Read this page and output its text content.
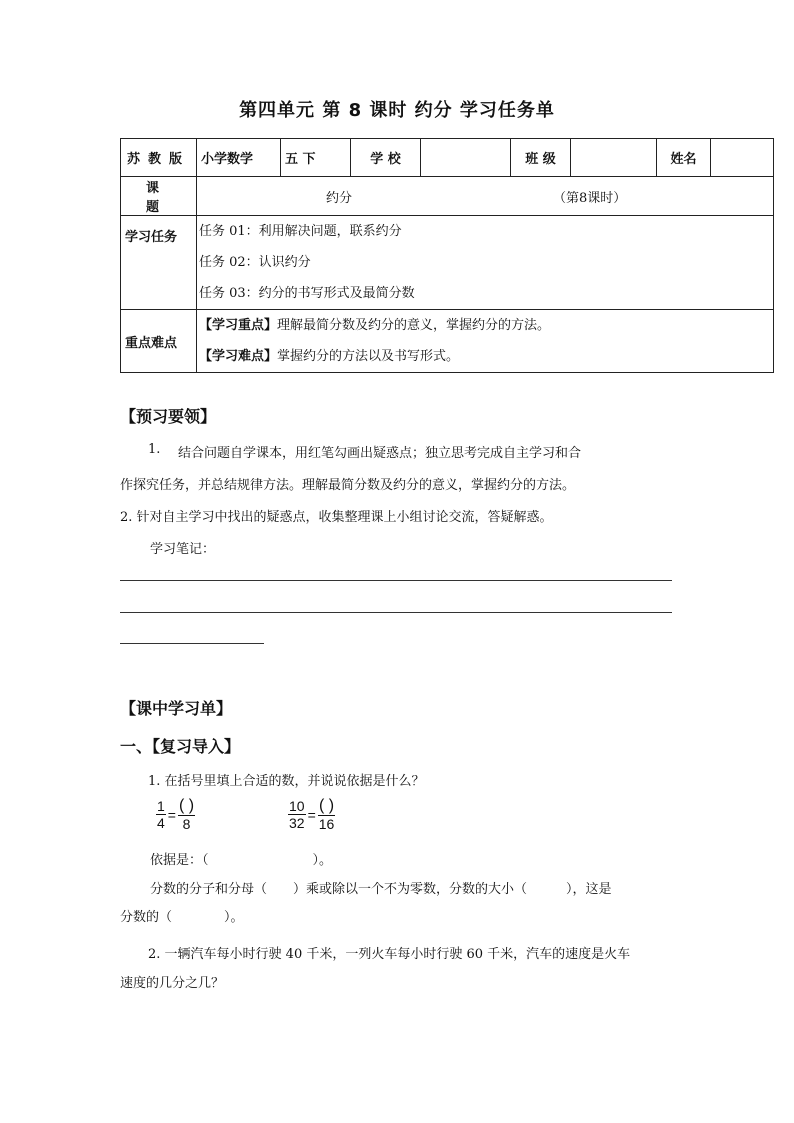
第四单元 第 8 课时 约分 学习任务单
苏教版	小学数学	五 下	学 校		班 级		姓名	
课 题	约分 （第8课时）							
学习任务	任务 01：利用解决问题，联系约分
任务 02：认识约分
任务 03：约分的书写形式及最简分数							

重点难点	【学习重点】理解最简分数及约分的意义，掌握约分的方法。
【学习难点】掌握约分的方法以及书写形式。							
【预习要领】
1. 结合问题自学课本，用红笔勾画出疑惑点；独立思考完成自主学习和合
作探究任务，并总结规律方法。理解最简分数及约分的意义，掌握约分的方法。
2. 针对自主学习中找出的疑惑点，收集整理课上小组讨论交流，答疑解惑。
学习笔记：
【课中学习单】
一、【复习导入】
1. 在括号里填上合适的数，并说说依据是什么？
$\frac{1}{4} = \frac{( )}{8}$	$\frac{10}{32} = \frac{( )}{16}$
依据是：（　　　　　　　　）。
分数的分子和分母（　　）乘或除以一个不为零数，分数的大小（　　　），这是
分数的（　　　　）。
2. 一辆汽车每小时行驶 40 千米，一列火车每小时行驶 60 千米，汽车的速度是火车
速度的几分之几？
